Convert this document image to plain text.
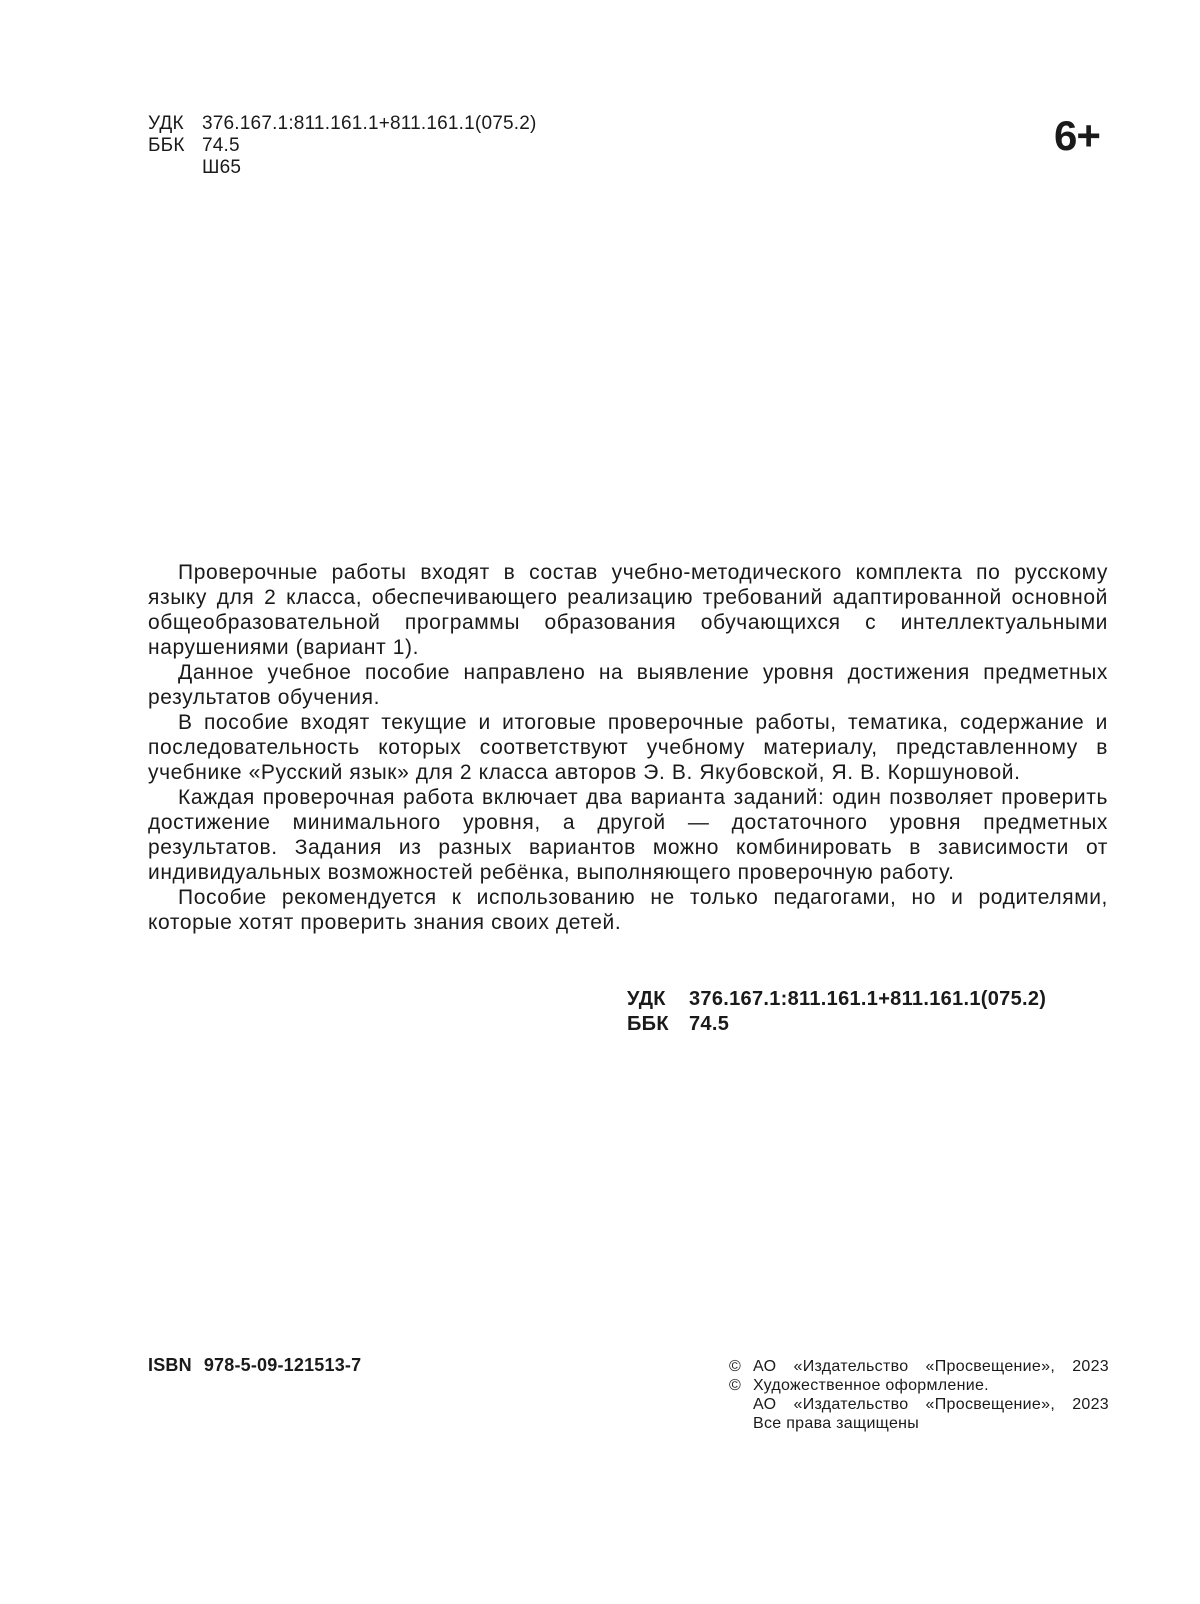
УДК 376.167.1:811.161.1+811.161.1(075.2)
ББК 74.5
Ш65
6+

Проверочные работы входят в состав учебно-методического комплекта по русскому языку для 2 класса, обеспечивающего реализацию требований адаптированной основной общеобразовательной программы образования обучающихся с интеллектуальными нарушениями (вариант 1).

Данное учебное пособие направлено на выявление уровня достижения предметных результатов обучения.

В пособие входят текущие и итоговые проверочные работы, тематика, содержание и последовательность которых соответствуют учебному материалу, представленному в учебнике «Русский язык» для 2 класса авторов Э. В. Якубовской, Я. В. Коршуновой.

Каждая проверочная работа включает два варианта заданий: один позволяет проверить достижение минимального уровня, а другой — достаточного уровня предметных результатов. Задания из разных вариантов можно комбинировать в зависимости от индивидуальных возможностей ребёнка, выполняющего проверочную работу.

Пособие рекомендуется к использованию не только педагогами, но и родителями, которые хотят проверить знания своих детей.

УДК	376.167.1:811.161.1+811.161.1(075.2)
ББК	74.5
ISBN 978-5-09-121513-7	© АО «Издательство «Просвещение», 2023
© Художественное оформление.
АО «Издательство «Просвещение», 2023
Все права защищены
